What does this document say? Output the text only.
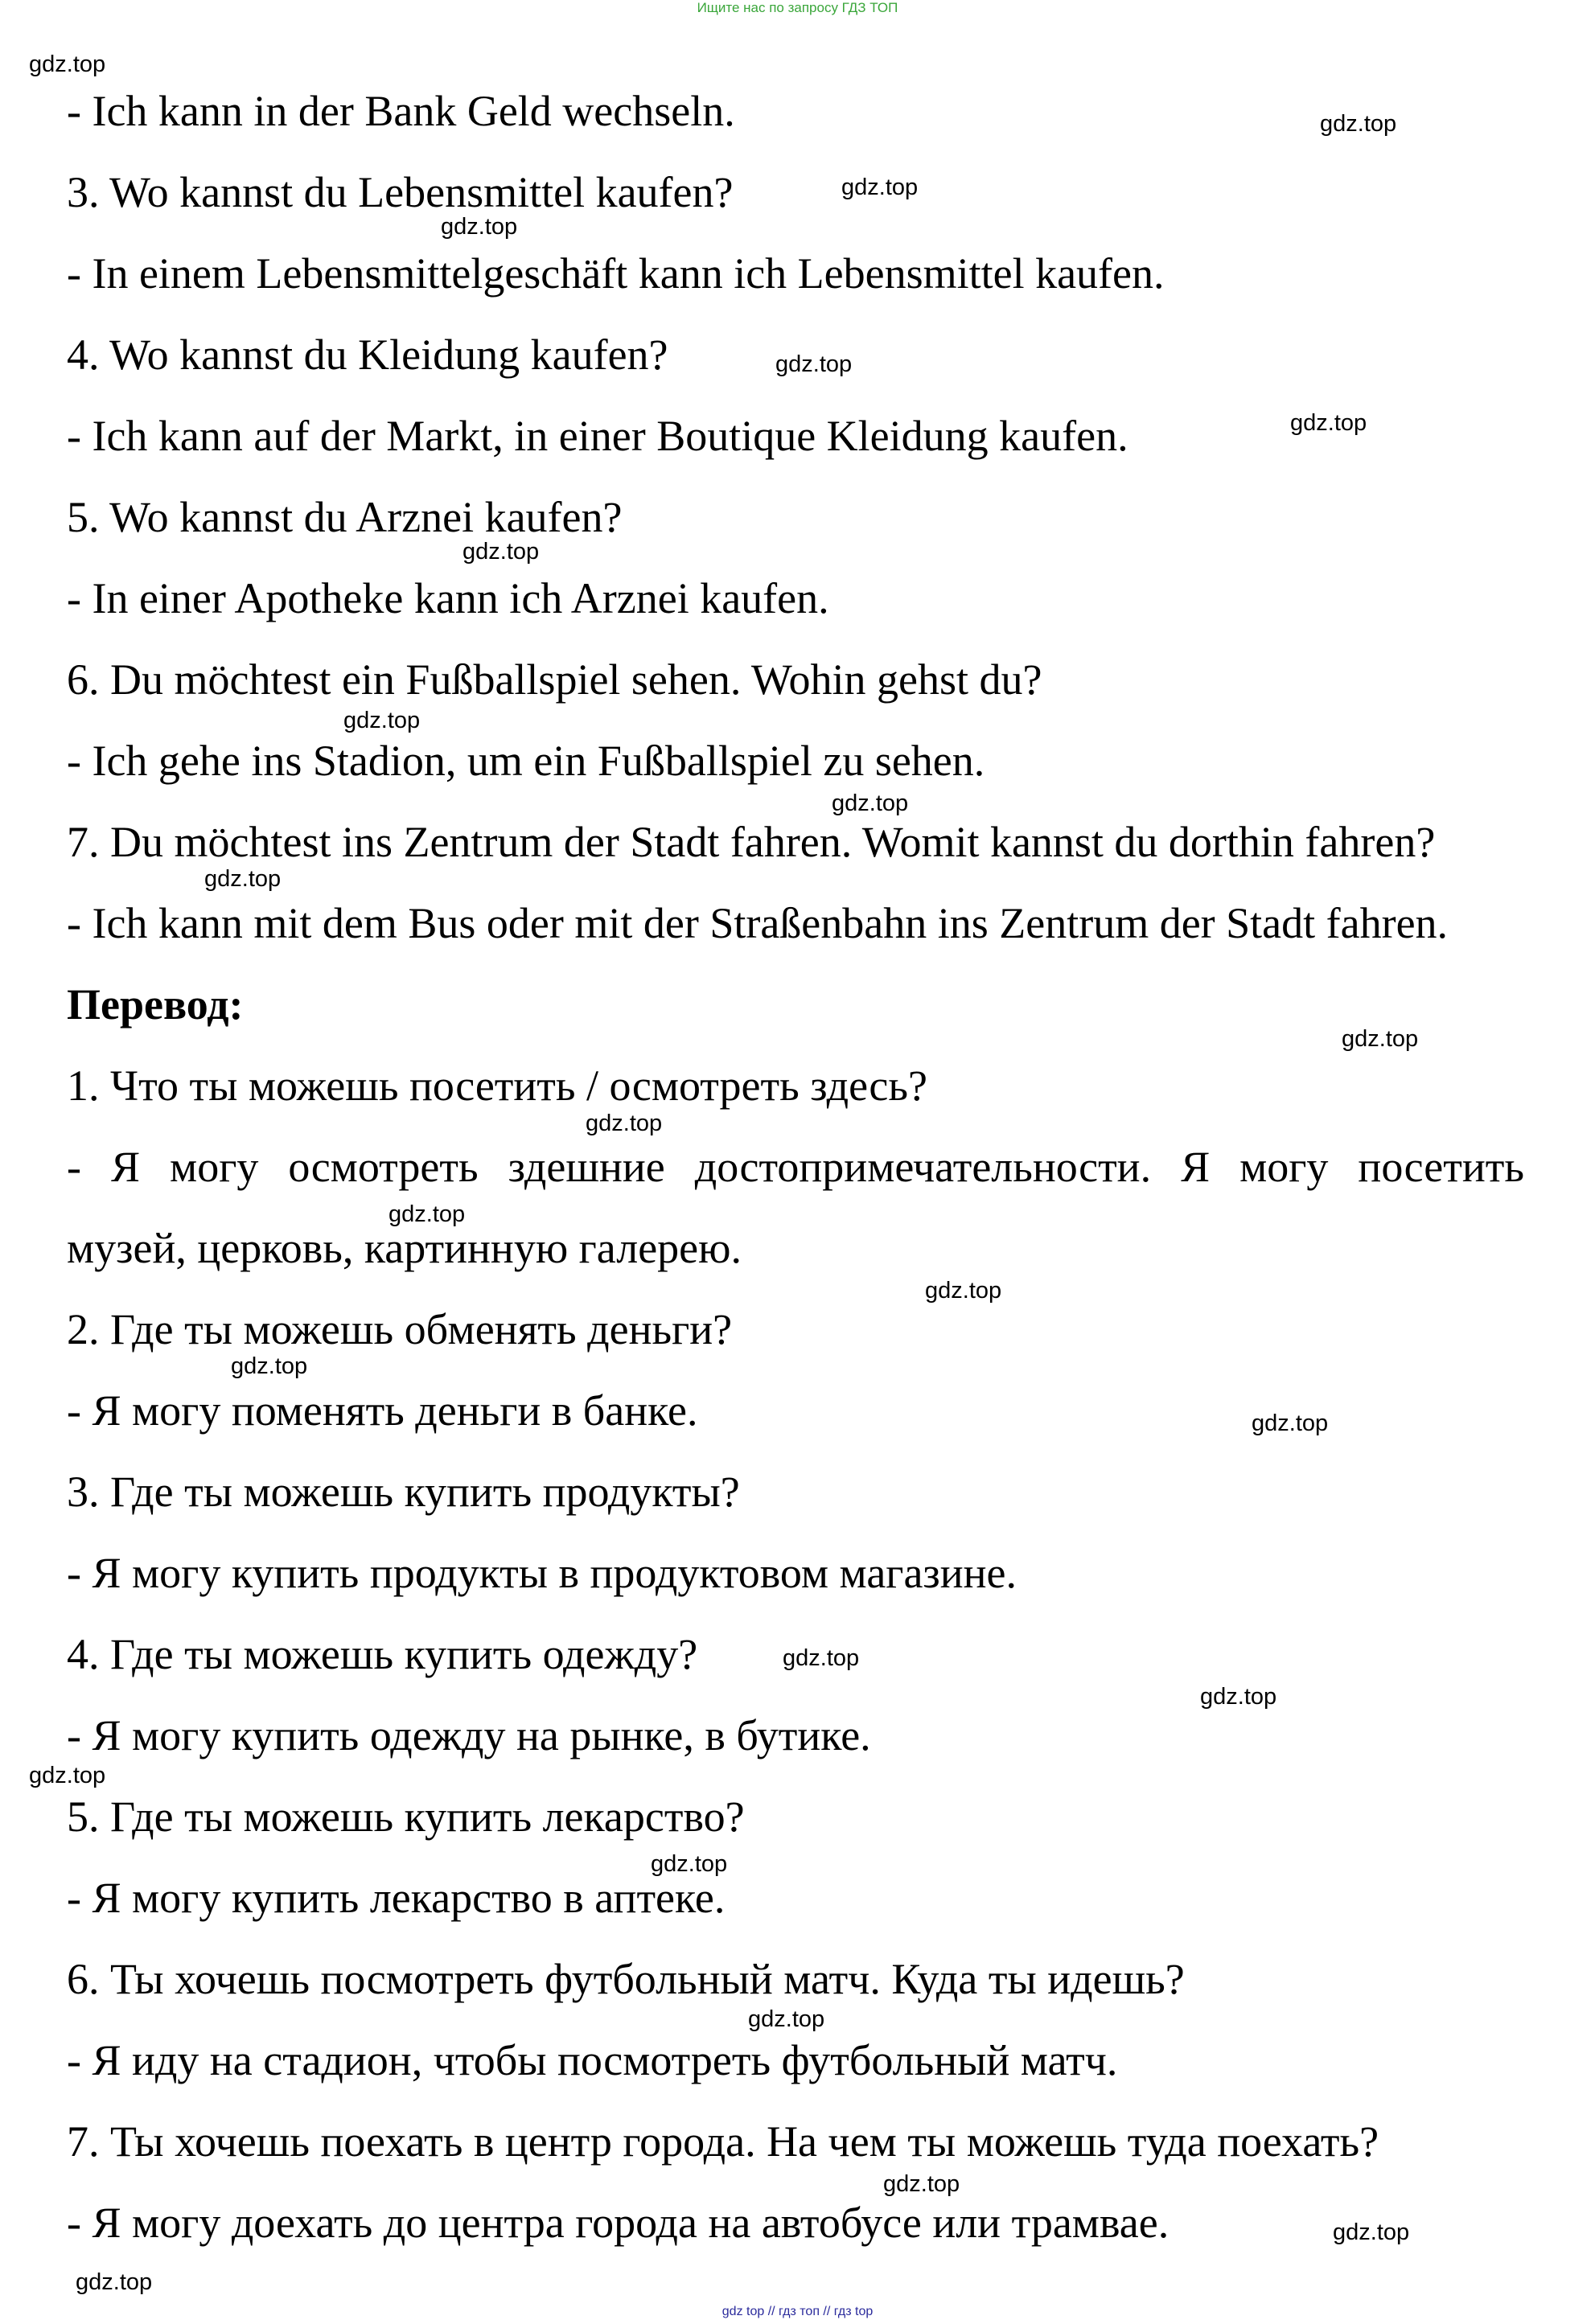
Ищите нас по запросу ГДЗ ТОП
- Ich kann in der Bank Geld wechseln.
3. Wo kannst du Lebensmittel kaufen?
- In einem Lebensmittelgeschäft kann ich Lebensmittel kaufen.
4. Wo kannst du Kleidung kaufen?
- Ich kann auf der Markt, in einer Boutique Kleidung kaufen.
5. Wo kannst du Arznei kaufen?
- In einer Apotheke kann ich Arznei kaufen.
6. Du möchtest ein Fußballspiel sehen. Wohin gehst du?
- Ich gehe ins Stadion, um ein Fußballspiel zu sehen.
7. Du möchtest ins Zentrum der Stadt fahren. Womit kannst du dorthin fahren?
- Ich kann mit dem Bus oder mit der Straßenbahn ins Zentrum der Stadt fahren.
Перевод:
1. Что ты можешь посетить / осмотреть здесь?
- Я могу осмотреть здешние достопримечательности. Я могу посетить
музей, церковь, картинную галерею.
2. Где ты можешь обменять деньги?
- Я могу поменять деньги в банке.
3. Где ты можешь купить продукты?
- Я могу купить продукты в продуктовом магазине.
4. Где ты можешь купить одежду?
- Я могу купить одежду на рынке, в бутике.
5. Где ты можешь купить лекарство?
- Я могу купить лекарство в аптеке.
6. Ты хочешь посмотреть футбольный матч. Куда ты идешь?
- Я иду на стадион, чтобы посмотреть футбольный матч.
7. Ты хочешь поехать в центр города. На чем ты можешь туда поехать?
- Я могу доехать до центра города на автобусе или трамвае.
gdz.top
gdz.top
gdz.top
gdz.top
gdz.top
gdz.top
gdz.top
gdz.top
gdz.top
gdz.top
gdz.top
gdz.top
gdz.top
gdz.top
gdz.top
gdz.top
gdz.top
gdz.top
gdz.top
gdz.top
gdz.top
gdz.top
gdz.top
gdz.top
gdz top // гдз топ // гдз top
